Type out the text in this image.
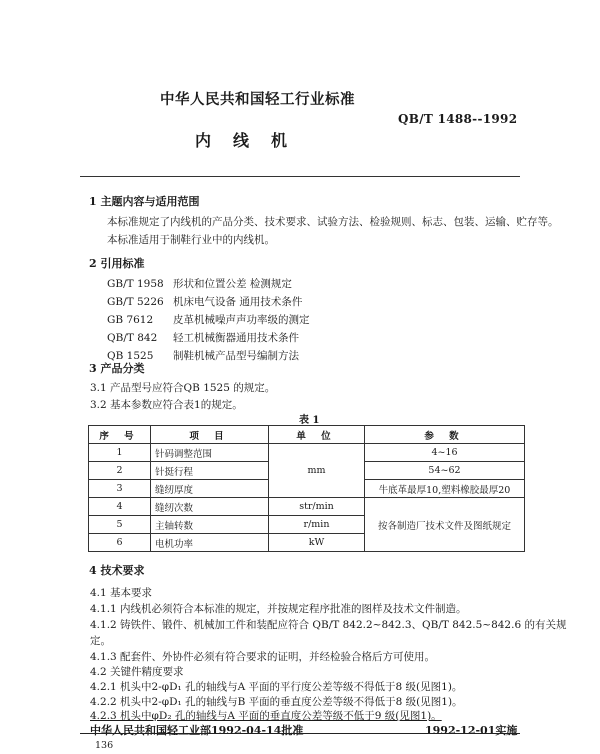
中华人民共和国轻工行业标准
QB/T 1488--1992
内线机
1 主题内容与适用范围
本标准规定了内线机的产品分类、技术要求、试验方法、检验规则、标志、包装、运输、贮存等。
本标准适用于制鞋行业中的内线机。
2 引用标准
GB/T 1958 形状和位置公差 检测规定
GB/T 5226 机床电气设备 通用技术条件
GB 7612 皮革机械噪声声功率级的测定
QB/T 842 轻工机械衡器通用技术条件
QB 1525 制鞋机械产品型号编制方法
3 产品分类
3.1 产品型号应符合QB 1525 的规定。
3.2 基本参数应符合表1的规定。
表 1
序 号	项 目	单 位	参 数
1	针码调整范围	mm	4~16
2	针挺行程		54~62
3	缝纫厚度		牛底革最厚10,塑料橡胶最厚20
4	缝纫次数	str/min	按各制造厂技术文件及图纸规定
5	主轴转数	r/min	
6	电机功率	kW	
4 技术要求
4.1 基本要求
4.1.1 内线机必须符合本标准的规定，并按规定程序批准的图样及技术文件制造。
4.1.2 铸铁件、锻件、机械加工件和装配应符合 QB/T 842.2~842.3、QB/T 842.5~842.6 的有关规
定。
4.1.3 配套件、外协件必须有符合要求的证明，并经检验合格后方可使用。
4.2 关键件精度要求
4.2.1 机头中2-φD₁ 孔的轴线与A 平面的平行度公差等级不得低于8 级(见图1)。
4.2.2 机头中2-φD₁ 孔的轴线与B 平面的垂直度公差等级不得低于8 级(见图1)。
4.2.3 机头中φD₂ 孔的轴线与A 平面的垂直度公差等级不低于9 级(见图1)。
中华人民共和国轻工业部1992-04-14批准	1992-12-01实施
136
